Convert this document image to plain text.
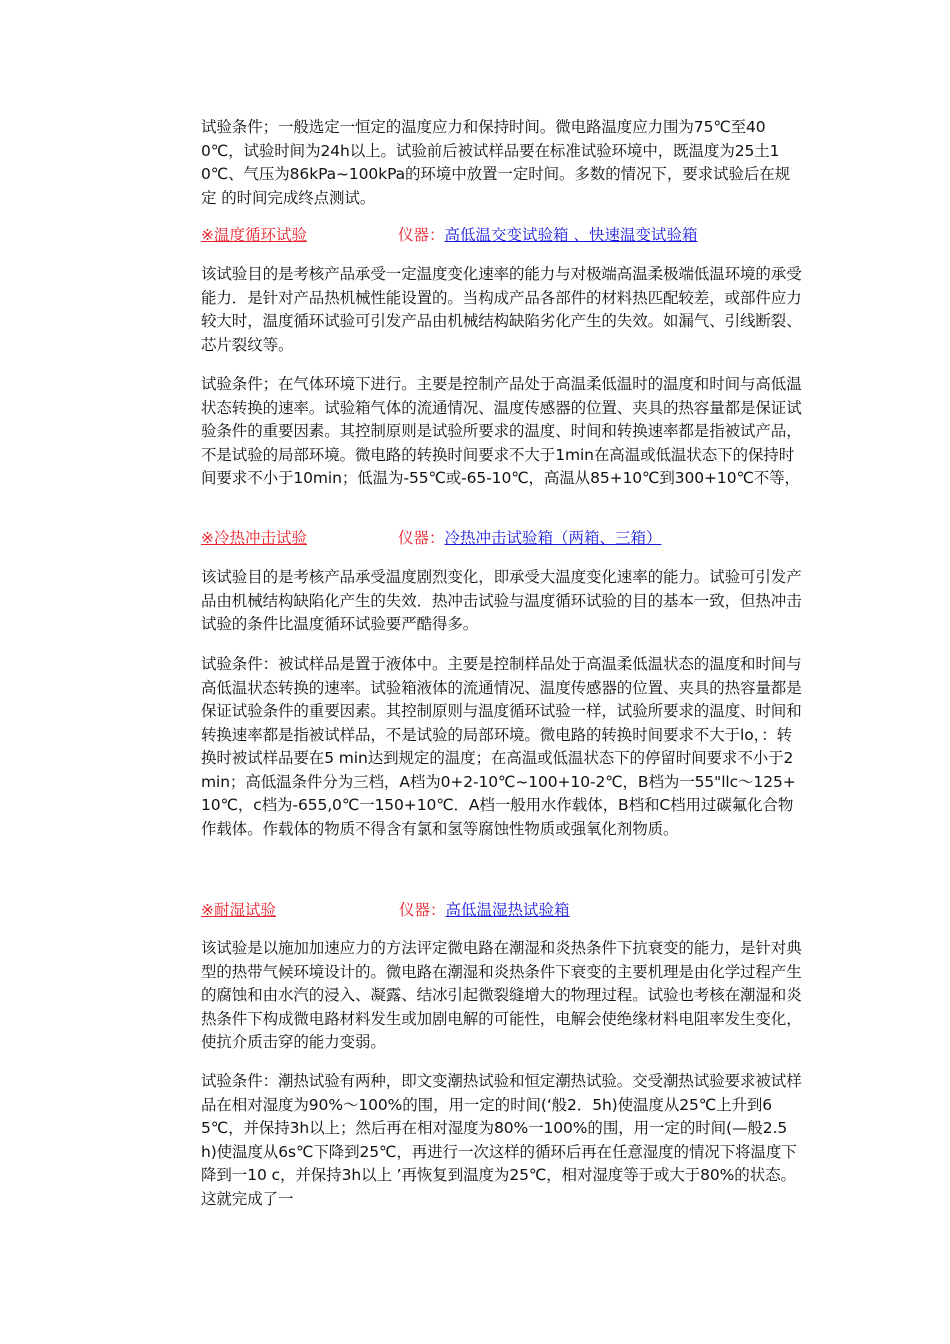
试验条件；一般选定一恒定的温度应力和保持时间。微电路温度应力围为75℃至400℃，试验时间为24h以上。试验前后被试样品要在标准试验环境中，既温度为25土10℃、气压为86kPa~100kPa的环境中放置一定时间。多数的情况下，要求试验后在规定 的时间完成终点测试。

※温度循环试验	仪器：高低温交变试验箱 、快速温变试验箱

该试验目的是考核产品承受一定温度变化速率的能力与对极端高温柔极端低温环境的承受能力．是针对产品热机械性能设置的。当构成产品各部件的材料热匹配较差，或部件应力较大时，温度循环试验可引发产品由机械结构缺陷劣化产生的失效。如漏气、引线断裂、芯片裂纹等。

试验条件；在气体环境下进行。主要是控制产品处于高温柔低温时的温度和时间与高低温状态转换的速率。试验箱气体的流通情况、温度传感器的位置、夹具的热容量都是保证试验条件的重要因素。其控制原则是试验所要求的温度、时间和转换速率都是指被试产品，不是试验的局部环境。微电路的转换时间要求不大于1min在高温或低温状态下的保持时间要求不小于10min；低温为-55℃或-65-10℃，高温从85+10℃到300+10℃不等，

※冷热冲击试验	仪器：冷热冲击试验箱（两箱、三箱）

该试验目的是考核产品承受温度剧烈变化，即承受大温度变化速率的能力。试验可引发产品由机械结构缺陷化产生的失效．热冲击试验与温度循环试验的目的基本一致，但热冲击试验的条件比温度循环试验要严酷得多。

试验条件：被试样品是置于液体中。主要是控制样品处于高温柔低温状态的温度和时间与高低温状态转换的速率。试验箱液体的流通情况、温度传感器的位置、夹具的热容量都是保证试验条件的重要因素。其控制原则与温度循环试验一样，试验所要求的温度、时间和转换速率都是指被试样品，不是试验的局部环境。微电路的转换时间要求不大于lo，：转换时被试样品要在5 min达到规定的温度；在高温或低温状态下的停留时间要求不小于2 min；高低温条件分为三档，A档为0+2-10℃~100+10-2℃，B档为一55"llc～125+10℃，c档为-655,0℃一150+10℃．A档一般用水作载体，B档和C档用过碳氟化合物作载体。作载体的物质不得含有氯和氢等腐蚀性物质或强氧化剂物质。

※耐湿试验	仪器：高低温湿热试验箱

该试验是以施加加速应力的方法评定微电路在潮湿和炎热条件下抗衰变的能力，是针对典型的热带气候环境设计的。微电路在潮湿和炎热条件下衰变的主要机理是由化学过程产生的腐蚀和由水汽的浸入、凝露、结冰引起微裂缝增大的物理过程。试验也考核在潮湿和炎热条件下构成微电路材料发生或加剧电解的可能性，电解会使绝缘材料电阻率发生变化，使抗介质击穿的能力变弱。

试验条件：潮热试验有两种，即文变潮热试验和恒定潮热试验。交受潮热试验要求被试样品在相对湿度为90%～100%的围，用一定的时间(‘般2．5h)使温度从25℃上升到65℃，并保持3h以上；然后再在相对湿度为80%一100%的围，用一定的时间(—般2.5 h)使温度从6s℃下降到25℃，再进行一次这样的循环后再在任意湿度的情况下将温度下降到一10 c，并保持3h以上 ’再恢复到温度为25℃，相对湿度等于或大于80%的状态。这就完成了一
